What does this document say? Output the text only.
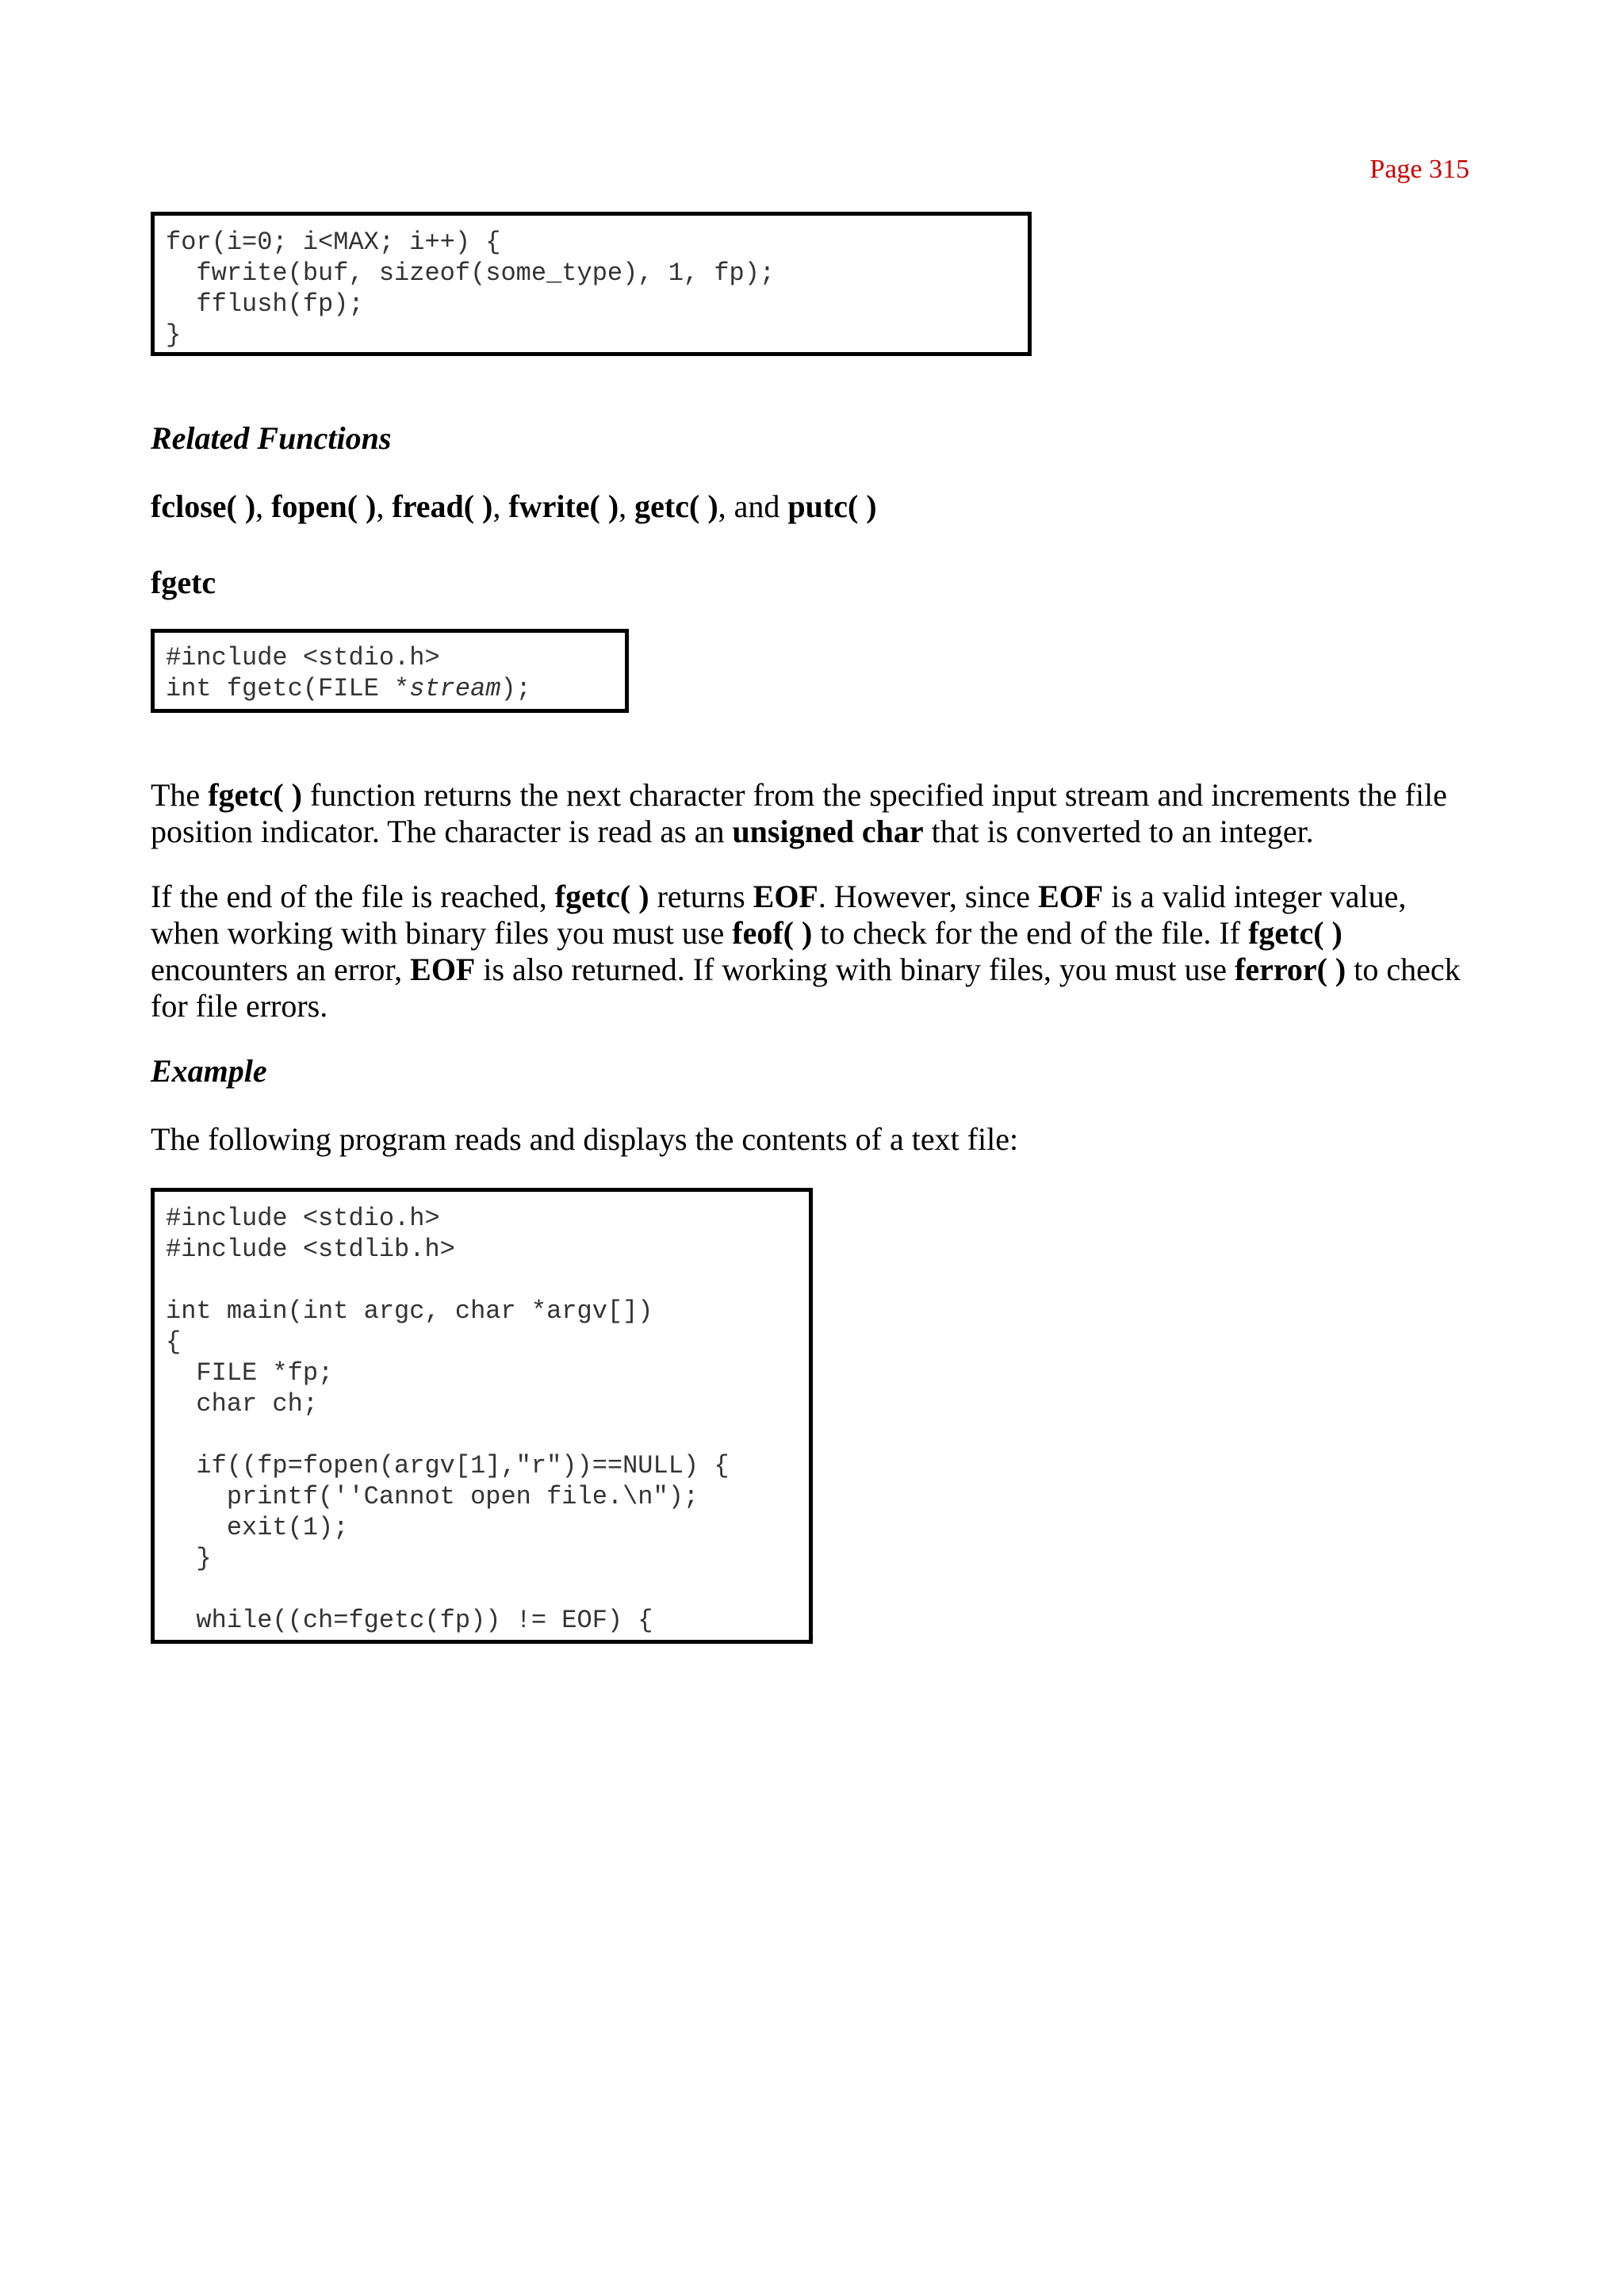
Page 315
for(i=0; i<MAX; i++) {
fwrite(buf, sizeof(some_type), 1, fp);
fflush(fp);
}
Related Functions
fclose( ), fopen( ), fread( ), fwrite( ), getc( ), and putc( )
fgetc
#include <stdio.h>
int fgetc(FILE *stream);
The fgetc( ) function returns the next character from the specified input stream and increments the file position indicator. The character is read as an unsigned char that is converted to an integer.
If the end of the file is reached, fgetc( ) returns EOF. However, since EOF is a valid integer value, when working with binary files you must use feof( ) to check for the end of the file. If fgetc( ) encounters an error, EOF is also returned. If working with binary files, you must use ferror( ) to check for file errors.
Example
The following program reads and displays the contents of a text file:
#include <stdio.h>
#include <stdlib.h>
int main(int argc, char *argv[])
{
FILE *fp;
char ch;
if((fp=fopen(argv[1],"r"))==NULL) {
printf(''Cannot open file.\n");
exit(1);
}
while((ch=fgetc(fp)) != EOF) {
